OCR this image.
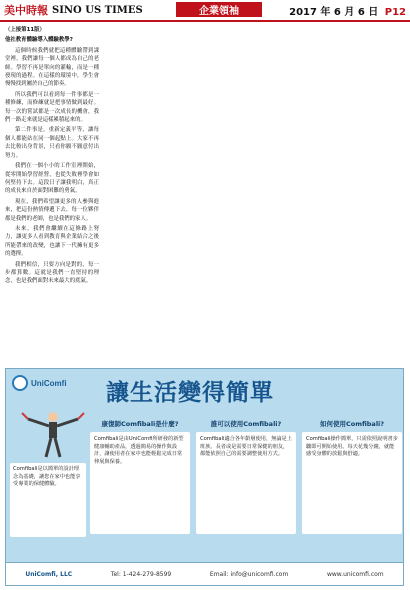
美中時報 SINO US TIMES	企業領袖	2017 年 6 月 6 日 P12

（上接第11版）

他社教育體驗導入體驗教學?

這個時候我們就把這種體驗帶到課堂裡。我們讓每一個人都成為自己的老師。學習不再是單向的灌輸，而是一種發現的過程。在這樣的環境中，學生會慢慢找到屬於自己的節奏。

所以我們可以看到每一件事都是一種修練，而修練就是把事情做到最好。每一次的嘗試都是一次成長的機會，我們一路走來就是這樣累積起來的。

第二件事是，重新定義平等，讓每個人都能站在同一個起點上。大家不再去比較出身背景，只看你願不願意付出努力。

我們在一個小小的工作室裡開始，從零開始學習經營，也從失敗裡學會如何堅持下去。這段日子讓我明白，真正的成長來自於面對困難的勇氣。

現在，我們希望讓更多的人參與進來，把這份熱情傳遞下去。每一位夥伴都是我們的老師，也是我們的家人。

未來，我們會繼續在這條路上努力，讓更多人看到教育與企業結合之後所能帶來的改變，也讓下一代擁有更多的選擇。

我們相信，只要方向是對的，每一步都算數。這就是我們一直堅持的理念，也是我們面對未來最大的底氣。

UniComfi 讓生活變得簡單
Comfibali是以簡單的設計理念為基礎，讓您在家中也能享受專業的保健體驗。
康復師Comfibali是什麼?
Comfibali是由UniComfi所研發的新型健康輔助產品，透過簡易的操作與設計，讓使用者在家中也能輕鬆完成日常伸展與保養。
誰可以使用Comfibali?
Comfibali適合各年齡層使用，無論是上班族、長者或是需要日常保健的朋友，都能依照自己的需要調整使用方式。
如何使用Comfibali?
Comfibali操作簡單，只需依照說明書步驟即可開始使用。每天花幾分鐘，就能感受身體的放鬆與舒適。
UniComfi, LLC	Tel: 1-424-279-8599	Email: info@unicomfi.com	www.unicomfi.com
